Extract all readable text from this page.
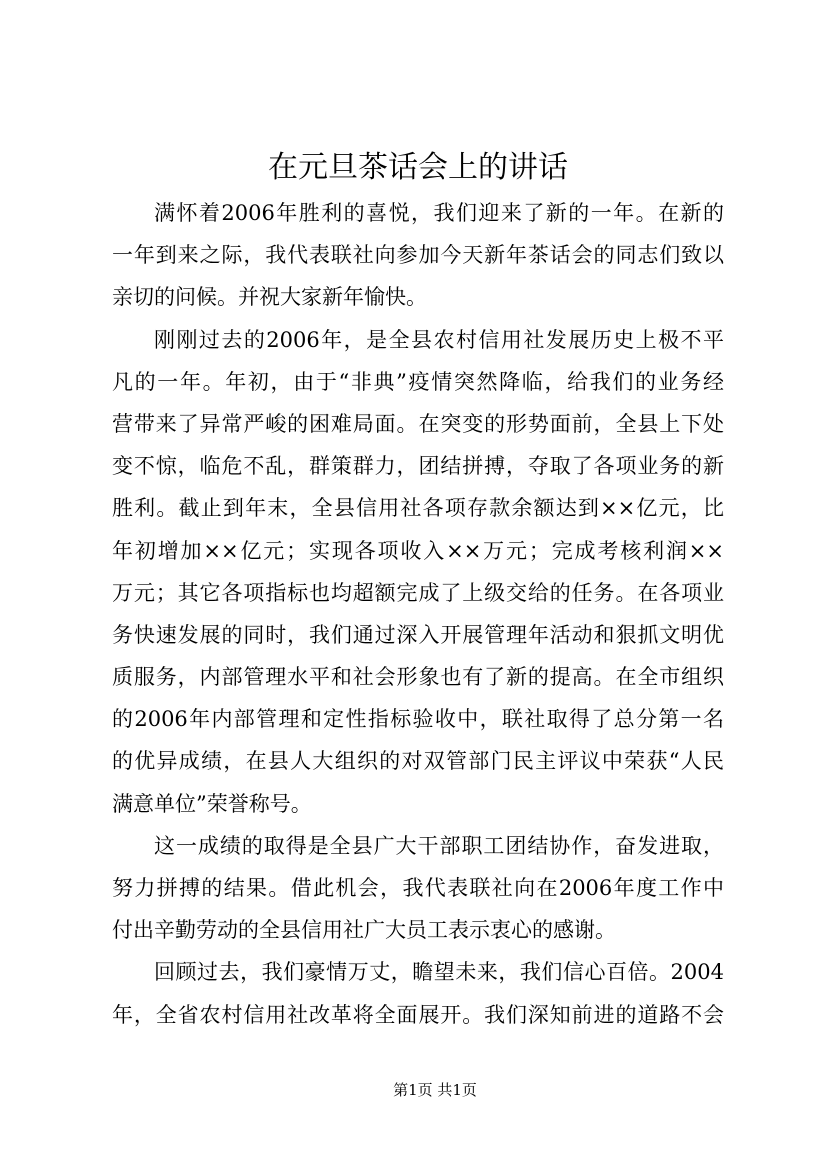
在元旦茶话会上的讲话
满怀着2006年胜利的喜悦，我们迎来了新的一年。在新的
一年到来之际，我代表联社向参加今天新年茶话会的同志们致以
亲切的问候。并祝大家新年愉快。
刚刚过去的2006年，是全县农村信用社发展历史上极不平
凡的一年。年初，由于“非典”疫情突然降临，给我们的业务经
营带来了异常严峻的困难局面。在突变的形势面前，全县上下处
变不惊，临危不乱，群策群力，团结拼搏，夺取了各项业务的新
胜利。截止到年末，全县信用社各项存款余额达到××亿元，比
年初增加××亿元；实现各项收入××万元；完成考核利润××
万元；其它各项指标也均超额完成了上级交给的任务。在各项业
务快速发展的同时，我们通过深入开展管理年活动和狠抓文明优
质服务，内部管理水平和社会形象也有了新的提高。在全市组织
的2006年内部管理和定性指标验收中，联社取得了总分第一名
的优异成绩，在县人大组织的对双管部门民主评议中荣获“人民
满意单位”荣誉称号。
这一成绩的取得是全县广大干部职工团结协作，奋发进取，
努力拼搏的结果。借此机会，我代表联社向在2006年度工作中
付出辛勤劳动的全县信用社广大员工表示衷心的感谢。
回顾过去，我们豪情万丈，瞻望未来，我们信心百倍。2004
年，全省农村信用社改革将全面展开。我们深知前进的道路不会
第1页 共1页
